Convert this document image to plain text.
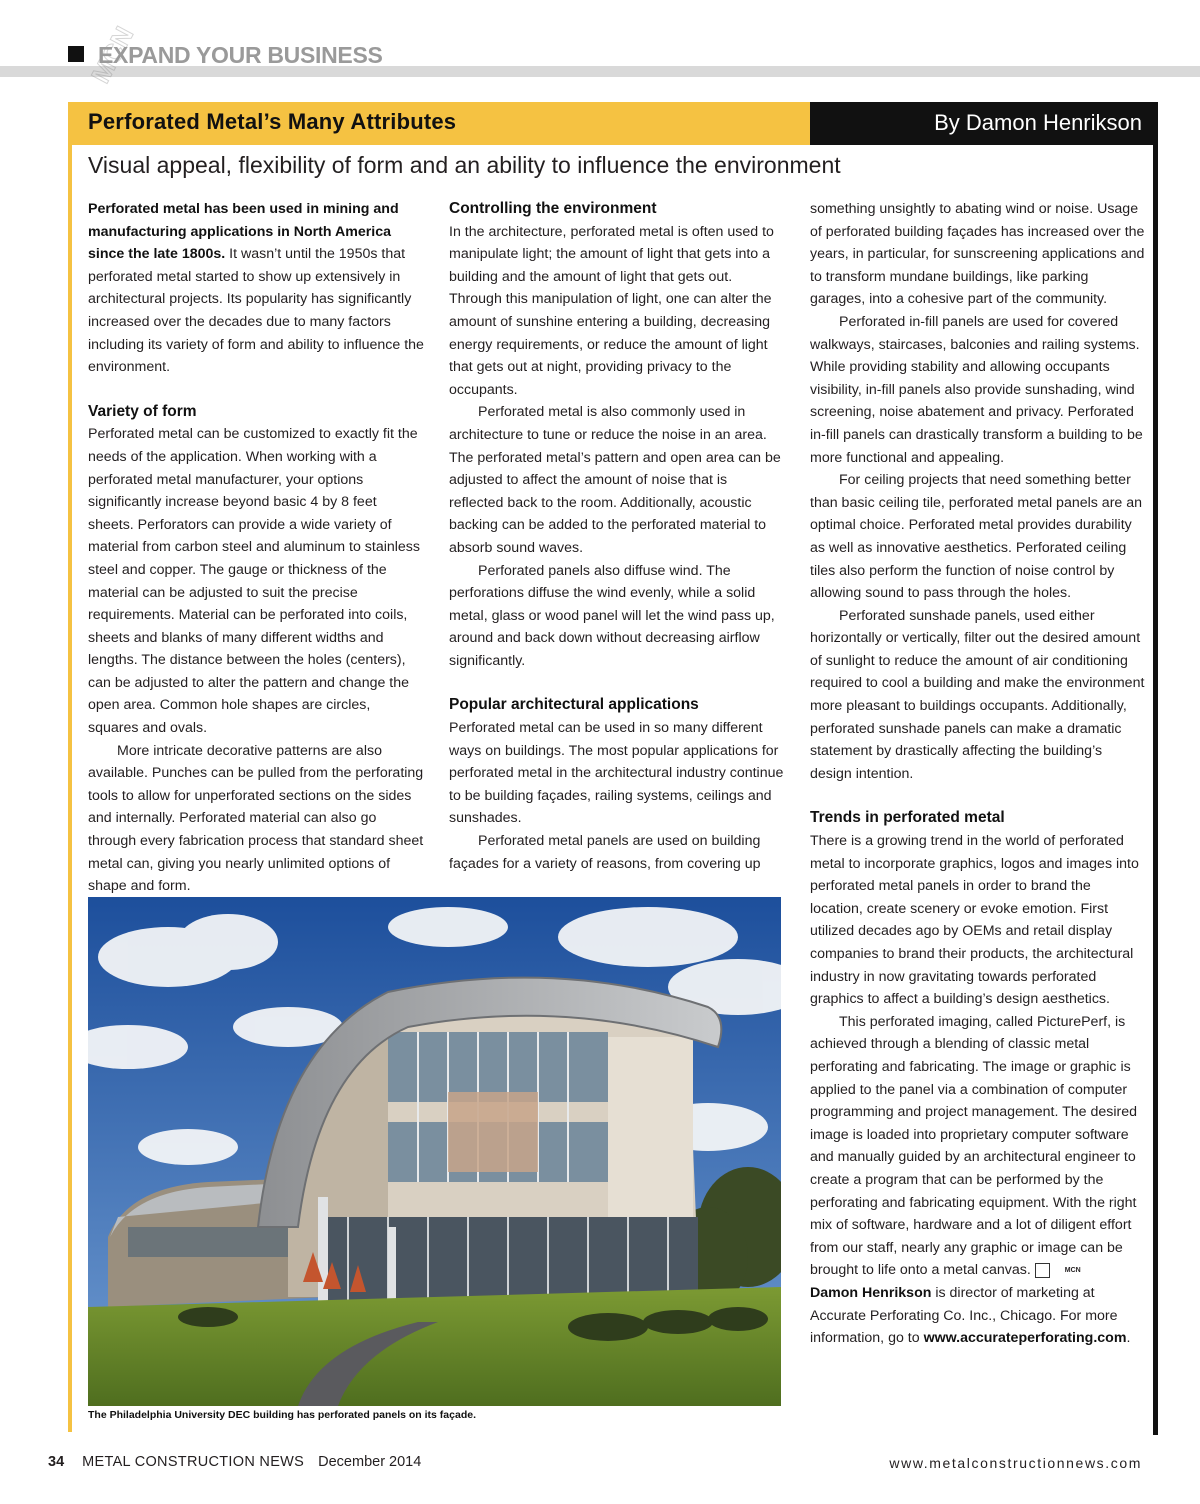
MCN
EXPAND YOUR BUSINESS
Perforated Metal’s Many Attributes	By Damon Henrikson
Visual appeal, flexibility of form and an ability to influence the environment

Perforated metal has been used in mining and manufacturing applications in North America since the late 1800s. It wasn’t until the 1950s that perforated metal started to show up extensively in architectural projects. Its popularity has significantly increased over the decades due to many factors including its variety of form and ability to influence the environment.

Variety of form

Perforated metal can be customized to exactly fit the needs of the application. When working with a perforated metal manufacturer, your options significantly increase beyond basic 4 by 8 feet sheets. Perforators can provide a wide variety of material from carbon steel and aluminum to stainless steel and copper. The gauge or thickness of the material can be adjusted to suit the precise requirements. Material can be perforated into coils, sheets and blanks of many different widths and lengths. The distance between the holes (centers), can be adjusted to alter the pattern and change the open area. Common hole shapes are circles, squares and ovals.

More intricate decorative patterns are also available. Punches can be pulled from the perforating tools to allow for unperforated sections on the sides and internally. Perforated material can also go through every fabrication process that standard sheet metal can, giving you nearly unlimited options of shape and form.

Controlling the environment

In the architecture, perforated metal is often used to manipulate light; the amount of light that gets into a building and the amount of light that gets out. Through this manipulation of light, one can alter the amount of sunshine entering a building, decreasing energy requirements, or reduce the amount of light that gets out at night, providing privacy to the occupants.

Perforated metal is also commonly used in architecture to tune or reduce the noise in an area. The perforated metal’s pattern and open area can be adjusted to affect the amount of noise that is reflected back to the room. Additionally, acoustic backing can be added to the perforated material to absorb sound waves.

Perforated panels also diffuse wind. The perforations diffuse the wind evenly, while a solid metal, glass or wood panel will let the wind pass up, around and back down without decreasing airflow significantly.

Popular architectural applications

Perforated metal can be used in so many different ways on buildings. The most popular applications for perforated metal in the architectural industry continue to be building façades, railing systems, ceilings and sunshades.

Perforated metal panels are used on building façades for a variety of reasons, from covering up

something unsightly to abating wind or noise. Usage of perforated building façades has increased over the years, in particular, for sunscreening applications and to transform mundane buildings, like parking garages, into a cohesive part of the community.

Perforated in-fill panels are used for covered walkways, staircases, balconies and railing systems. While providing stability and allowing occupants visibility, in-fill panels also provide sunshading, wind screening, noise abatement and privacy. Perforated in-fill panels can drastically transform a building to be more functional and appealing.

For ceiling projects that need something better than basic ceiling tile, perforated metal panels are an optimal choice. Perforated metal provides durability as well as innovative aesthetics. Perforated ceiling tiles also perform the function of noise control by allowing sound to pass through the holes.

Perforated sunshade panels, used either horizontally or vertically, filter out the desired amount of sunlight to reduce the amount of air conditioning required to cool a building and make the environment more pleasant to buildings occupants. Additionally, perforated sunshade panels can make a dramatic statement by drastically affecting the building’s design intention.

Trends in perforated metal

There is a growing trend in the world of perforated metal to incorporate graphics, logos and images into perforated metal panels in order to brand the location, create scenery or evoke emotion. First utilized decades ago by OEMs and retail display companies to brand their products, the architectural industry in now gravitating towards perforated graphics to affect a building’s design aesthetics.

This perforated imaging, called PicturePerf, is achieved through a blending of classic metal perforating and fabricating. The image or graphic is applied to the panel via a combination of computer programming and project management. The desired image is loaded into proprietary computer software and manually guided by an architectural engineer to create a program that can be performed by the perforating and fabricating equipment. With the right mix of software, hardware and a lot of diligent effort from our staff, nearly any graphic or image can be brought to life onto a metal canvas.	MCN

Damon Henrikson is director of marketing at Accurate Perforating Co. Inc., Chicago. For more information, go to www.accurateperforating.com.

The Philadelphia University DEC building has perforated panels on its façade.
34 METAL CONSTRUCTION NEWS December 2014	www.metalconstructionnews.com
